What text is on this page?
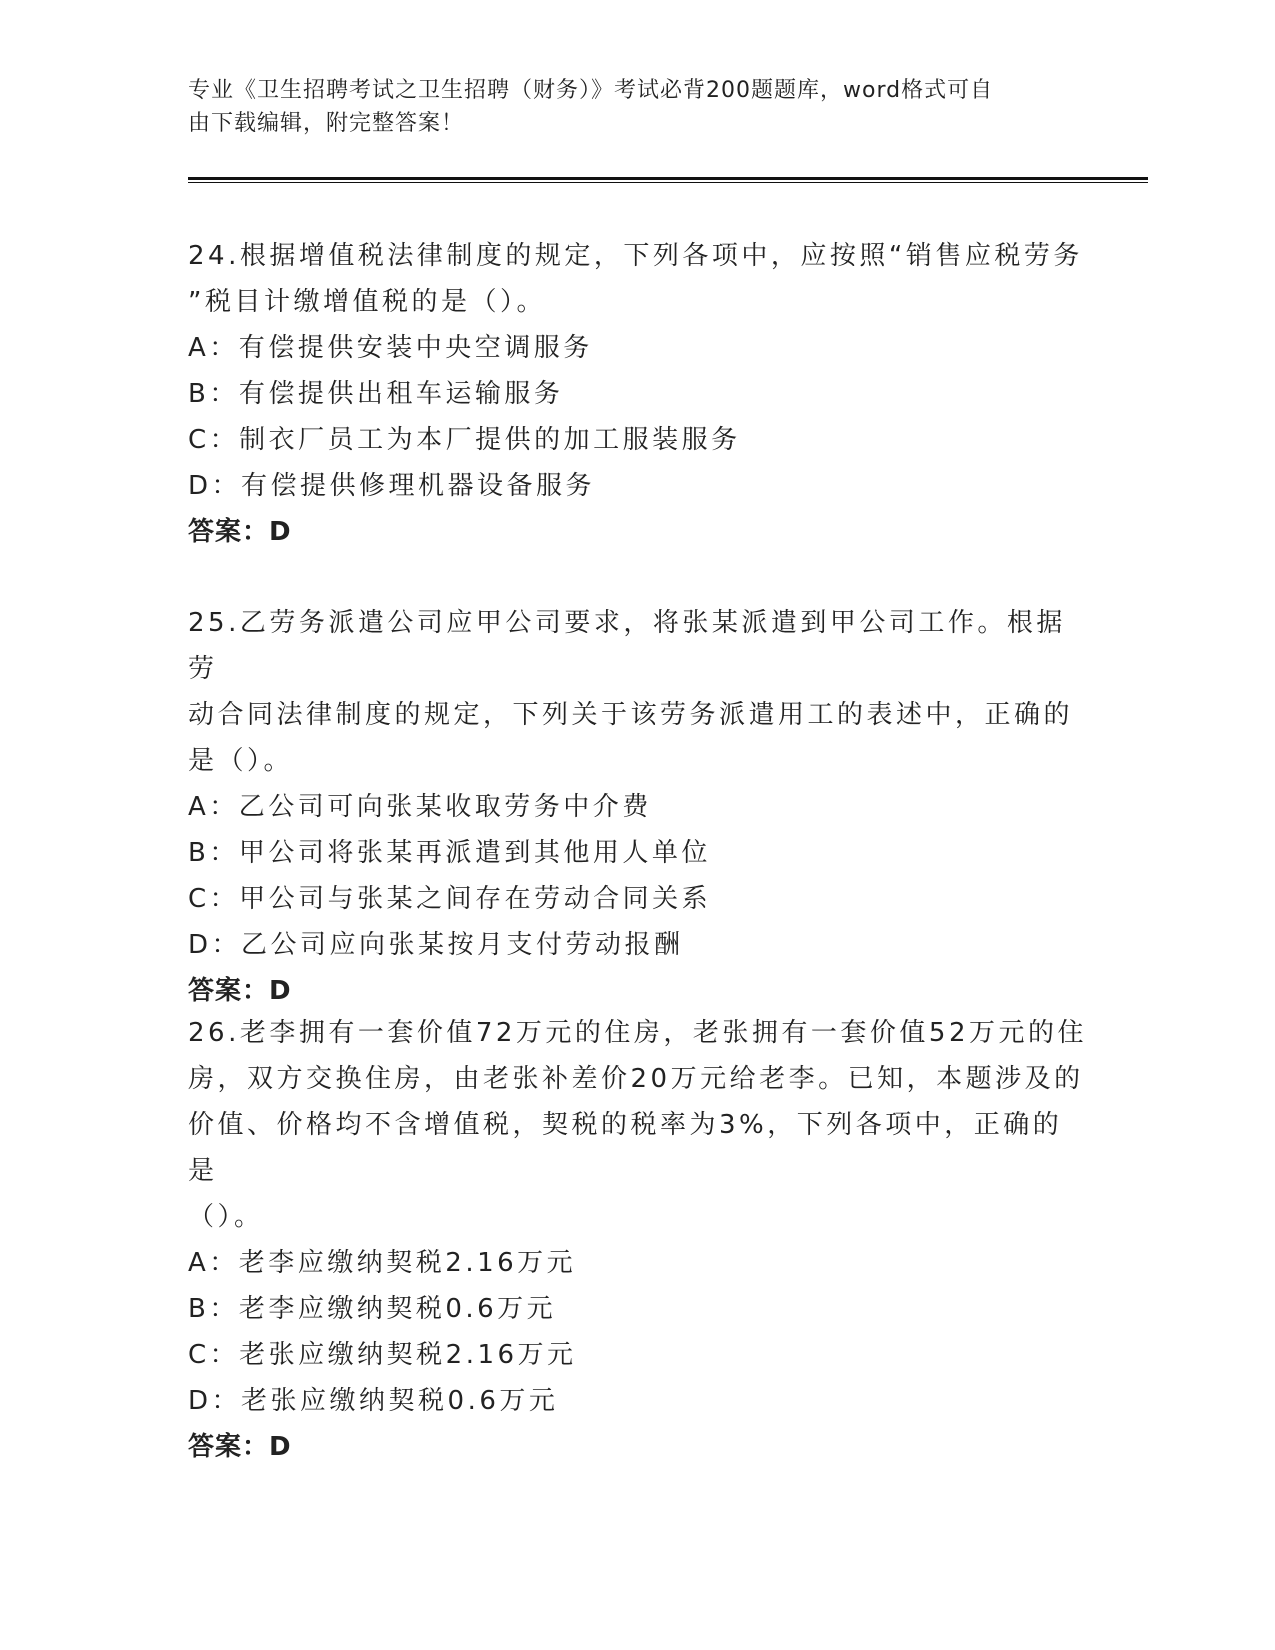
专业《卫生招聘考试之卫生招聘（财务）》考试必背200题题库，word格式可自
由下载编辑，附完整答案！
24.根据增值税法律制度的规定，下列各项中，应按照“销售应税劳务
”税目计缴增值税的是（）。
A：有偿提供安装中央空调服务
B：有偿提供出租车运输服务
C：制衣厂员工为本厂提供的加工服装服务
D：有偿提供修理机器设备服务
答案：D
25.乙劳务派遣公司应甲公司要求，将张某派遣到甲公司工作。根据劳
动合同法律制度的规定，下列关于该劳务派遣用工的表述中，正确的
是（）。
A：乙公司可向张某收取劳务中介费
B：甲公司将张某再派遣到其他用人单位
C：甲公司与张某之间存在劳动合同关系
D：乙公司应向张某按月支付劳动报酬
答案：D
26.老李拥有一套价值72万元的住房，老张拥有一套价值52万元的住
房，双方交换住房，由老张补差价20万元给老李。已知，本题涉及的
价值、价格均不含增值税，契税的税率为3%，下列各项中，正确的是
（）。
A：老李应缴纳契税2.16万元
B：老李应缴纳契税0.6万元
C：老张应缴纳契税2.16万元
D：老张应缴纳契税0.6万元
答案：D
